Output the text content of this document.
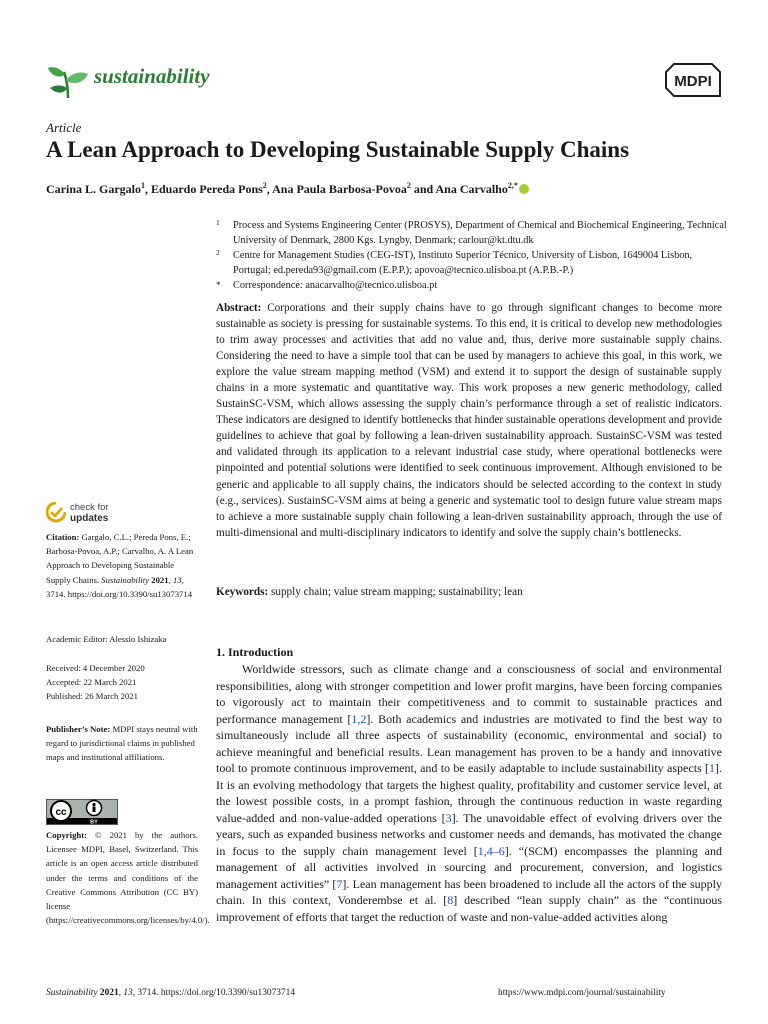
sustainability	MDPI
Article
A Lean Approach to Developing Sustainable Supply Chains
Carina L. Gargalo$^1$, Eduardo Pereda Pons$^2$, Ana Paula Barbosa-Povoa$^2$ and Ana Carvalho$^{2,*}$
1 Process and Systems Engineering Center (PROSYS), Department of Chemical and Biochemical Engineering, Technical University of Denmark, 2800 Kgs. Lyngby, Denmark; carlour@kt.dtu.dk
2 Centre for Management Studies (CEG-IST), Instituto Superior Técnico, University of Lisbon, 1649004 Lisbon, Portugal; ed.pereda93@gmail.com (E.P.P.); apovoa@tecnico.ulisboa.pt (A.P.B.-P.)
* Correspondence: anacarvalho@tecnico.ulisboa.pt
Abstract: Corporations and their supply chains have to go through significant changes to become more sustainable as society is pressing for sustainable systems. To this end, it is critical to develop new methodologies to trim away processes and activities that add no value and, thus, derive more sustainable supply chains. Considering the need to have a simple tool that can be used by managers to achieve this goal, in this work, we explore the value stream mapping method (VSM) and extend it to support the design of sustainable supply chains in a more systematic and quantitative way. This work proposes a new generic methodology, called SustainSC-VSM, which allows assessing the supply chain’s performance through a set of realistic indicators. These indicators are designed to identify bottlenecks that hinder sustainable operations development and provide guidelines to achieve that goal by following a lean-driven sustainability approach. SustainSC-VSM was tested and validated through its application to a relevant industrial case study, where operational bottlenecks were pinpointed and potential solutions were identified to seek continuous improvement. Although envisioned to be generic and applicable to all supply chains, the indicators should be selected according to the context in study (e.g., services). SustainSC-VSM aims at being a generic and systematic tool to design future value stream maps to achieve a more sustainable supply chain following a lean-driven sustainability approach, through the use of multi-dimensional and multi-disciplinary indicators to identify and solve the supply chain’s bottlenecks.
Keywords: supply chain; value stream mapping; sustainability; lean
check for
updates
Citation: Gargalo, C.L.; Pereda Pons, E.; Barbosa-Povoa, A.P.; Carvalho, A. A Lean Approach to Developing Sustainable Supply Chains. Sustainability 2021, 13, 3714. https://doi.org/10.3390/su13073714
Academic Editor: Alessio Ishizaka
Received: 4 December 2020
Accepted: 22 March 2021
Published: 26 March 2021
Publisher’s Note: MDPI stays neutral with regard to jurisdictional claims in published maps and institutional affiliations.
cc
BY
Copyright: © 2021 by the authors. Licensee MDPI, Basel, Switzerland. This article is an open access article distributed under the terms and conditions of the Creative Commons Attribution (CC BY) license (https://creativecommons.org/licenses/by/4.0/).
1. Introduction
Worldwide stressors, such as climate change and a consciousness of social and environmental responsibilities, along with stronger competition and lower profit margins, have been forcing companies to vigorously act to maintain their competitiveness and to commit to sustainable practices and performance management [1,2]. Both academics and industries are motivated to find the best way to simultaneously include all three aspects of sustainability (economic, environmental and social) to achieve meaningful and beneficial results. Lean management has proven to be a handy and innovative tool to promote continuous improvement, and to be easily adaptable to include sustainability aspects [1]. It is an evolving methodology that targets the highest quality, profitability and customer service level, at the lowest possible costs, in a prompt fashion, through the continuous reduction in waste regarding value-added and non-value-added operations [3]. The unavoidable effect of evolving drivers over the years, such as expanded business networks and customer needs and demands, has motivated the change in focus to the supply chain management level [1,4–6]. “(SCM) encompasses the planning and management of all activities involved in sourcing and procurement, conversion, and logistics management activities” [7]. Lean management has been broadened to include all the actors of the supply chain. In this context, Vonderembse et al. [8] described “lean supply chain” as the “continuous improvement of efforts that target the reduction of waste and non-value-added activities along
Sustainability 2021, 13, 3714. https://doi.org/10.3390/su13073714	https://www.mdpi.com/journal/sustainability
